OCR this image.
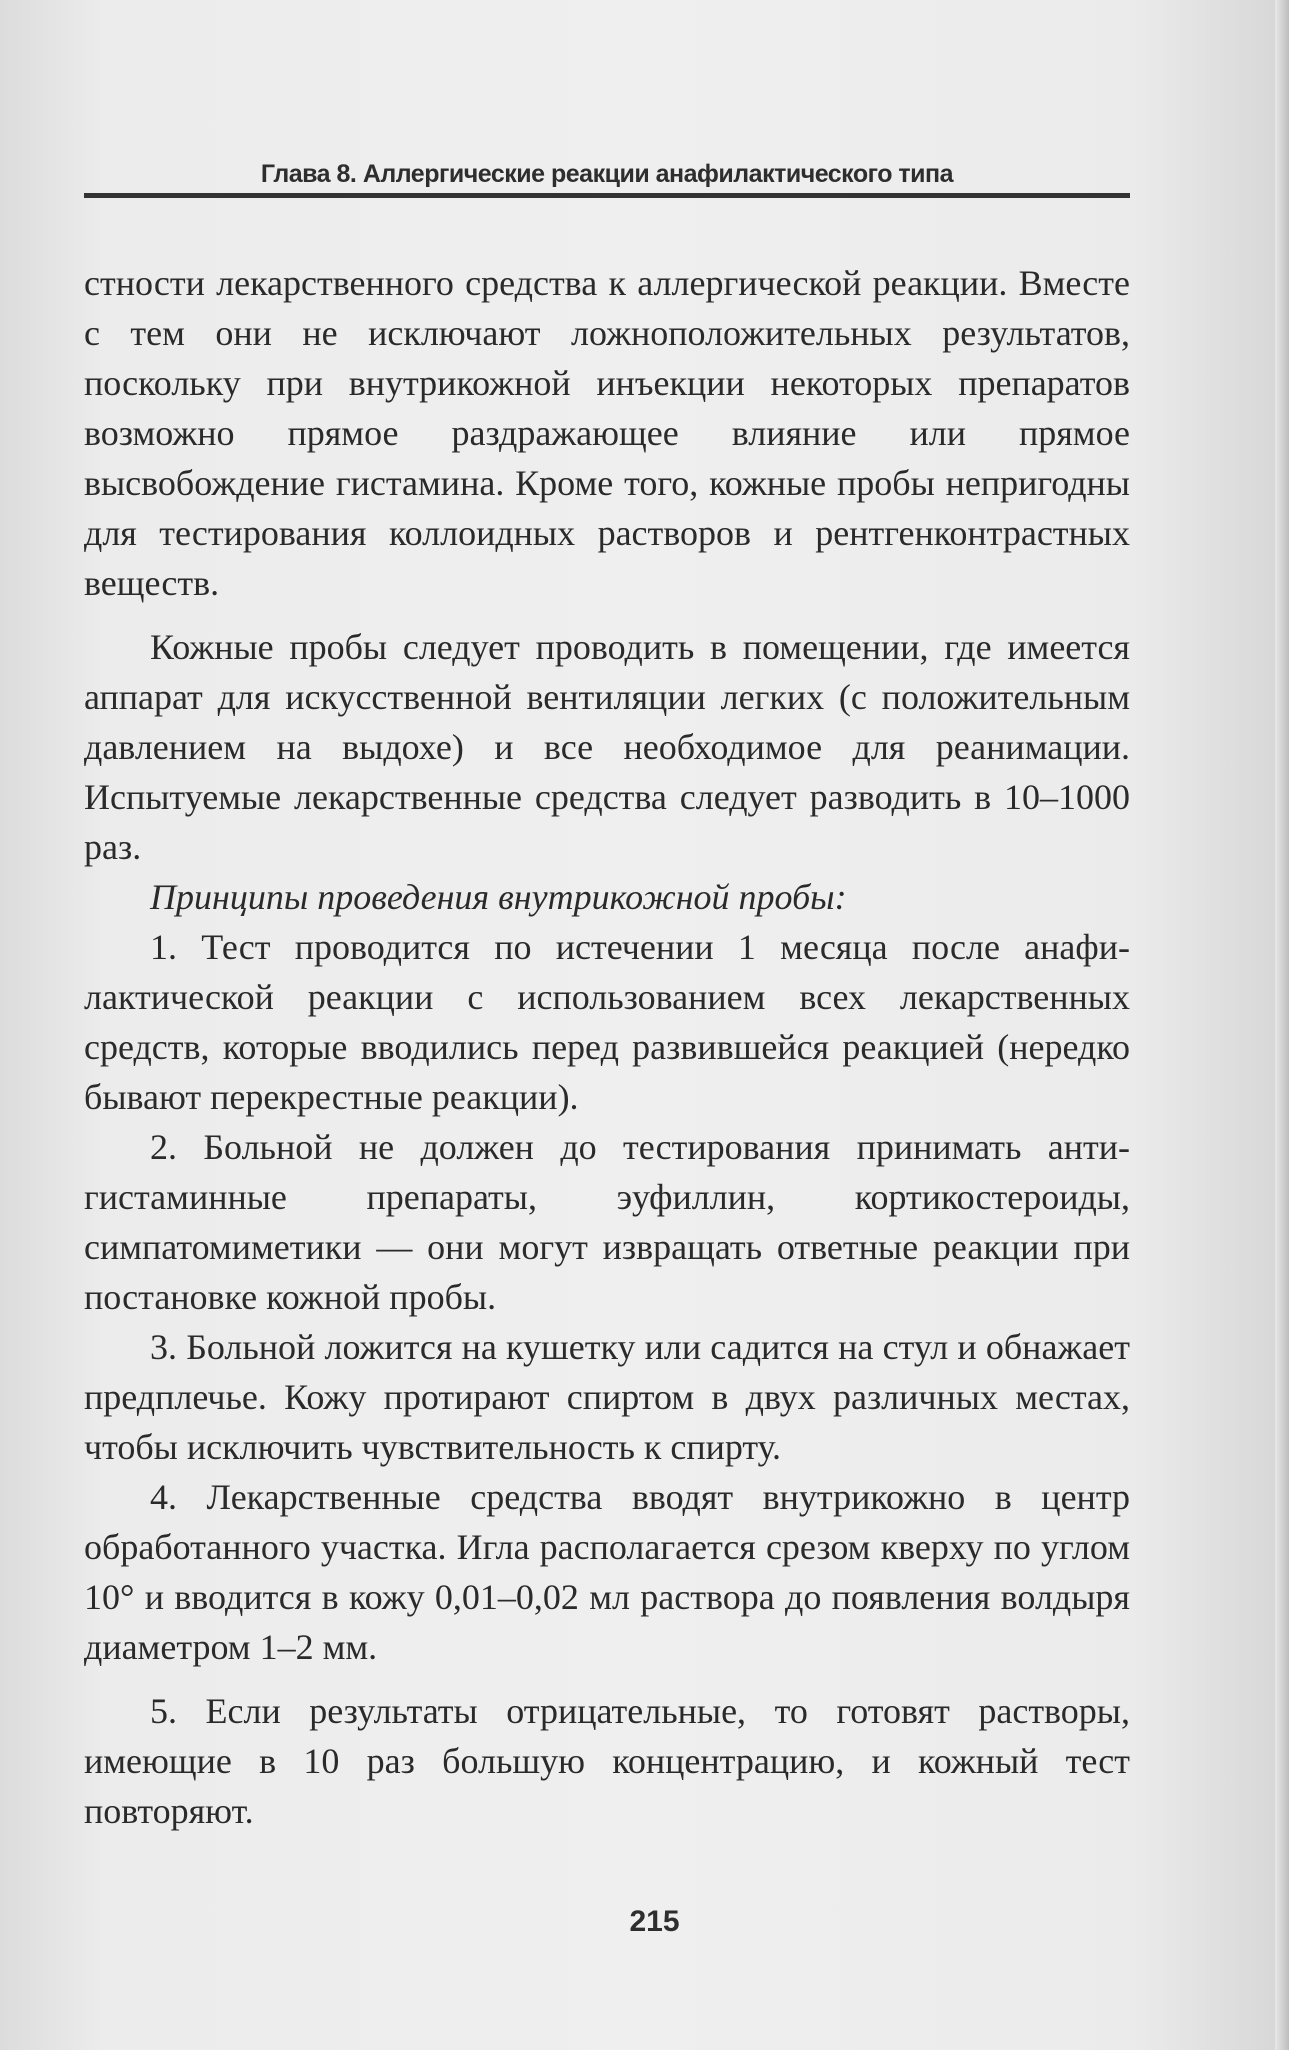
Глава 8. Аллергические реакции анафилактического типа

стности лекарственного средства к аллергической реакции. Вместе с тем они не исключают ложноположительных результатов, поскольку при внутрикожной инъекции некоторых препаратов возможно прямое раздражающее влияние или прямое высвобождение гистамина. Кроме того, кожные пробы непригодны для тестирования коллоидных растворов и рентгенконтрастных веществ.

Кожные пробы следует проводить в помещении, где имеется аппарат для искусственной вентиляции легких (с положительным давлением на выдохе) и все необходимое для реанимации. Испытуемые лекарственные средства следует разводить в 10–1000 раз.

Принципы проведения внутрикожной пробы:

1. Тест проводится по истечении 1 месяца после анафилактической реакции с использованием всех лекарственных средств, которые вводились перед развившейся реакцией (нередко бывают перекрестные реакции).

2. Больной не должен до тестирования принимать антигистаминные препараты, эуфиллин, кортикостероиды, симпатомиметики — они могут извращать ответные реакции при постановке кожной пробы.

3. Больной ложится на кушетку или садится на стул и обнажает предплечье. Кожу протирают спиртом в двух различных местах, чтобы исключить чувствительность к спирту.

4. Лекарственные средства вводят внутрикожно в центр обработанного участка. Игла располагается срезом кверху по углом 10° и вводится в кожу 0,01–0,02 мл раствора до появления волдыря диаметром 1–2 мм.

5. Если результаты отрицательные, то готовят растворы, имеющие в 10 раз большую концентрацию, и кожный тест повторяют.

215
